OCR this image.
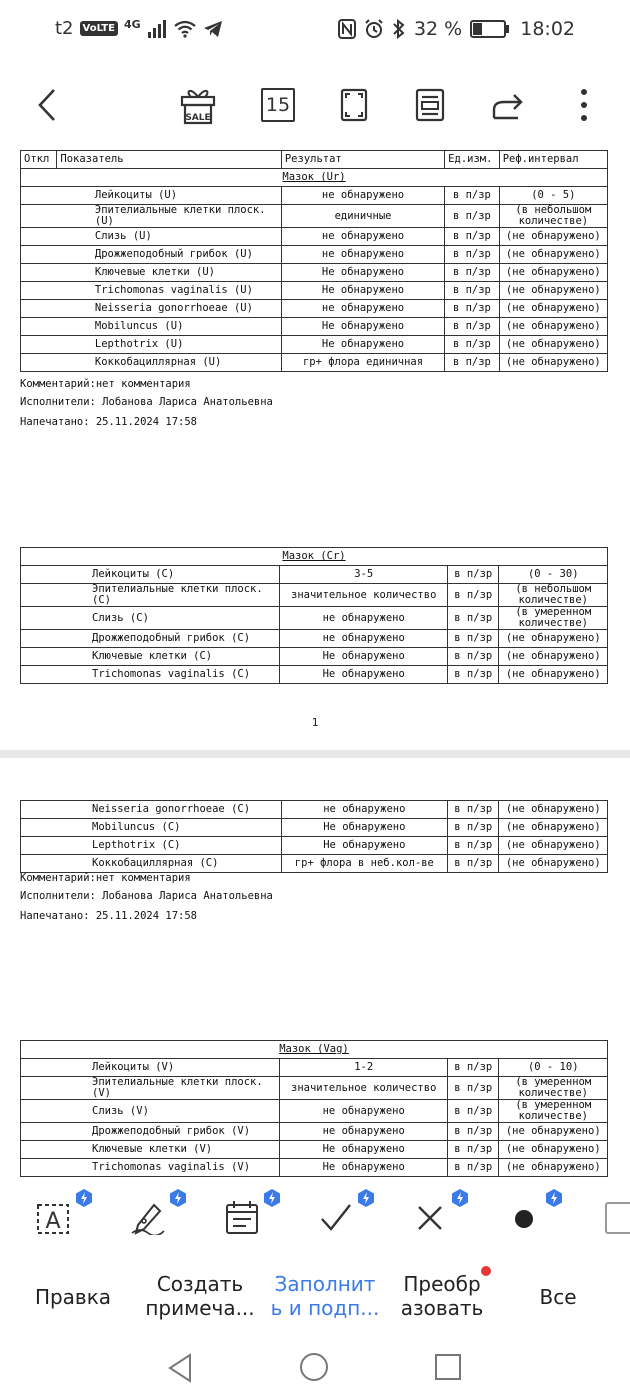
t2 VoLTE 4G	32 %	18:02
SALE
15
Откл	Показатель	Результат	Ед.изм.	Реф.интервал
Мазок (Ur)				
	Лейкоциты (U)	не обнаружено	в п/зр	(0 - 5)
	Эпителиальные клетки плоск. (U)	единичные	в п/зр	(в небольшом количестве)
	Слизь (U)	не обнаружено	в п/зр	(не обнаружено)
	Дрожжеподобный грибок (U)	не обнаружено	в п/зр	(не обнаружено)
	Ключевые клетки (U)	Не обнаружено	в п/зр	(не обнаружено)
	Trichomonas vaginalis (U)	Не обнаружено	в п/зр	(не обнаружено)
	Neisseria gonorrhoeae (U)	не обнаружено	в п/зр	(не обнаружено)
	Mobiluncus (U)	Не обнаружено	в п/зр	(не обнаружено)
	Lepthotrix (U)	Не обнаружено	в п/зр	(не обнаружено)
	Коккобациллярная (U)	гр+ флора единичная	в п/зр	(не обнаружено)
Комментарий:нет комментария
Исполнители: Лобанова Лариса Анатольевна
Напечатано: 25.11.2024 17:58
Мазок (Cr)				
	Лейкоциты (C)	3-5	в п/зр	(0 - 30)
	Эпителиальные клетки плоск. (C)	значительное количество	в п/зр	(в небольшом количестве)
	Слизь (C)	не обнаружено	в п/зр	(в умеренном количестве)
	Дрожжеподобный грибок (C)	не обнаружено	в п/зр	(не обнаружено)
	Ключевые клетки (C)	Не обнаружено	в п/зр	(не обнаружено)
	Trichomonas vaginalis (C)	Не обнаружено	в п/зр	(не обнаружено)
1
	Neisseria gonorrhoeae (C)	не обнаружено	в п/зр	(не обнаружено)
	Mobiluncus (C)	Не обнаружено	в п/зр	(не обнаружено)
	Lepthotrix (C)	Не обнаружено	в п/зр	(не обнаружено)
	Коккобациллярная (C)	гр+ флора в неб.кол-ве	в п/зр	(не обнаружено)
Комментарий:нет комментария
Исполнители: Лобанова Лариса Анатольевна
Напечатано: 25.11.2024 17:58
Мазок (Vag)				
	Лейкоциты (V)	1-2	в п/зр	(0 - 10)
	Эпителиальные клетки плоск. (V)	значительное количество	в п/зр	(в умеренном количестве)
	Слизь (V)	не обнаружено	в п/зр	(в умеренном количестве)
	Дрожжеподобный грибок (V)	не обнаружено	в п/зр	(не обнаружено)
	Ключевые клетки (V)	Не обнаружено	в п/зр	(не обнаружено)
	Trichomonas vaginalis (V)	Не обнаружено	в п/зр	(не обнаружено)
A
Правка
Создать примеча...
Заполнит ь и подп...
Преобр азовать	Все
